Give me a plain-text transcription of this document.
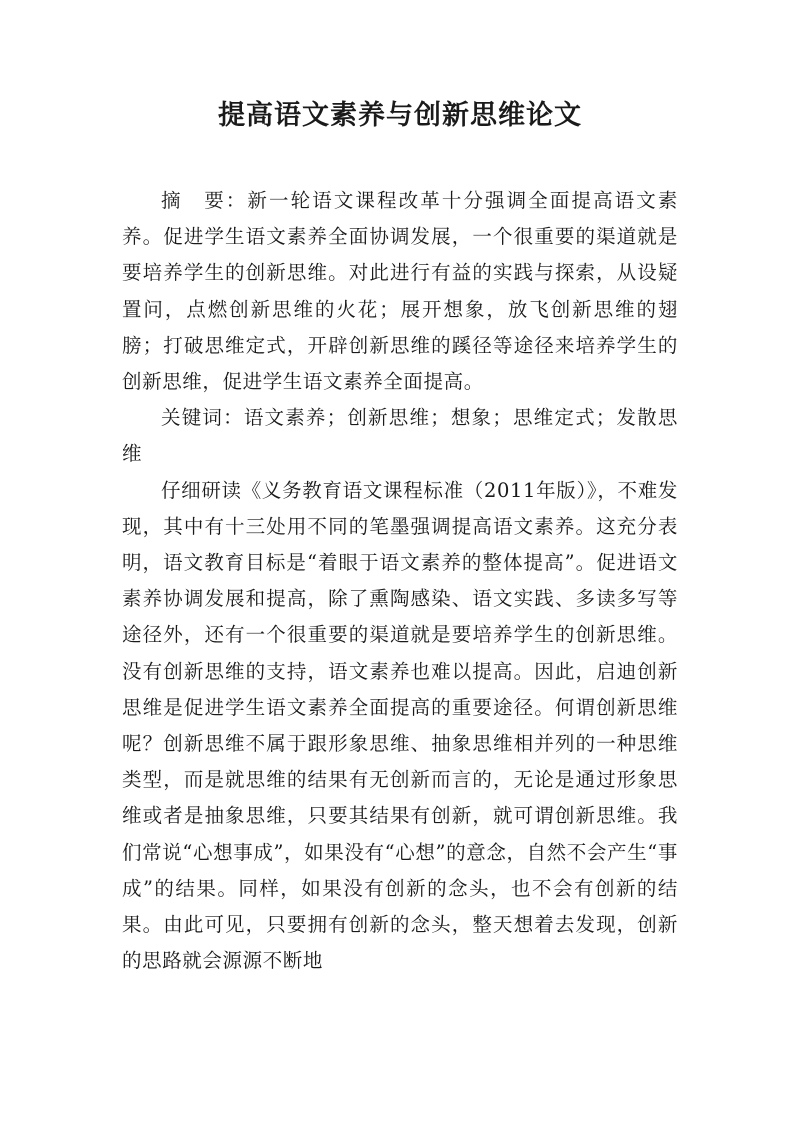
提高语文素养与创新思维论文

摘　要：新一轮语文课程改革十分强调全面提高语文素养。促进学生语文素养全面协调发展，一个很重要的渠道就是要培养学生的创新思维。对此进行有益的实践与探索，从设疑置问，点燃创新思维的火花；展开想象，放飞创新思维的翅膀；打破思维定式，开辟创新思维的蹊径等途径来培养学生的创新思维，促进学生语文素养全面提高。

关键词：语文素养；创新思维；想象；思维定式；发散思维

仔细研读《义务教育语文课程标准（2011年版）》，不难发现，其中有十三处用不同的笔墨强调提高语文素养。这充分表明，语文教育目标是“着眼于语文素养的整体提高”。促进语文素养协调发展和提高，除了熏陶感染、语文实践、多读多写等途径外，还有一个很重要的渠道就是要培养学生的创新思维。没有创新思维的支持，语文素养也难以提高。因此，启迪创新思维是促进学生语文素养全面提高的重要途径。何谓创新思维呢？创新思维不属于跟形象思维、抽象思维相并列的一种思维类型，而是就思维的结果有无创新而言的，无论是通过形象思维或者是抽象思维，只要其结果有创新，就可谓创新思维。我们常说“心想事成”，如果没有“心想”的意念，自然不会产生“事成”的结果。同样，如果没有创新的念头，也不会有创新的结果。由此可见，只要拥有创新的念头，整天想着去发现，创新的思路就会源源不断地
